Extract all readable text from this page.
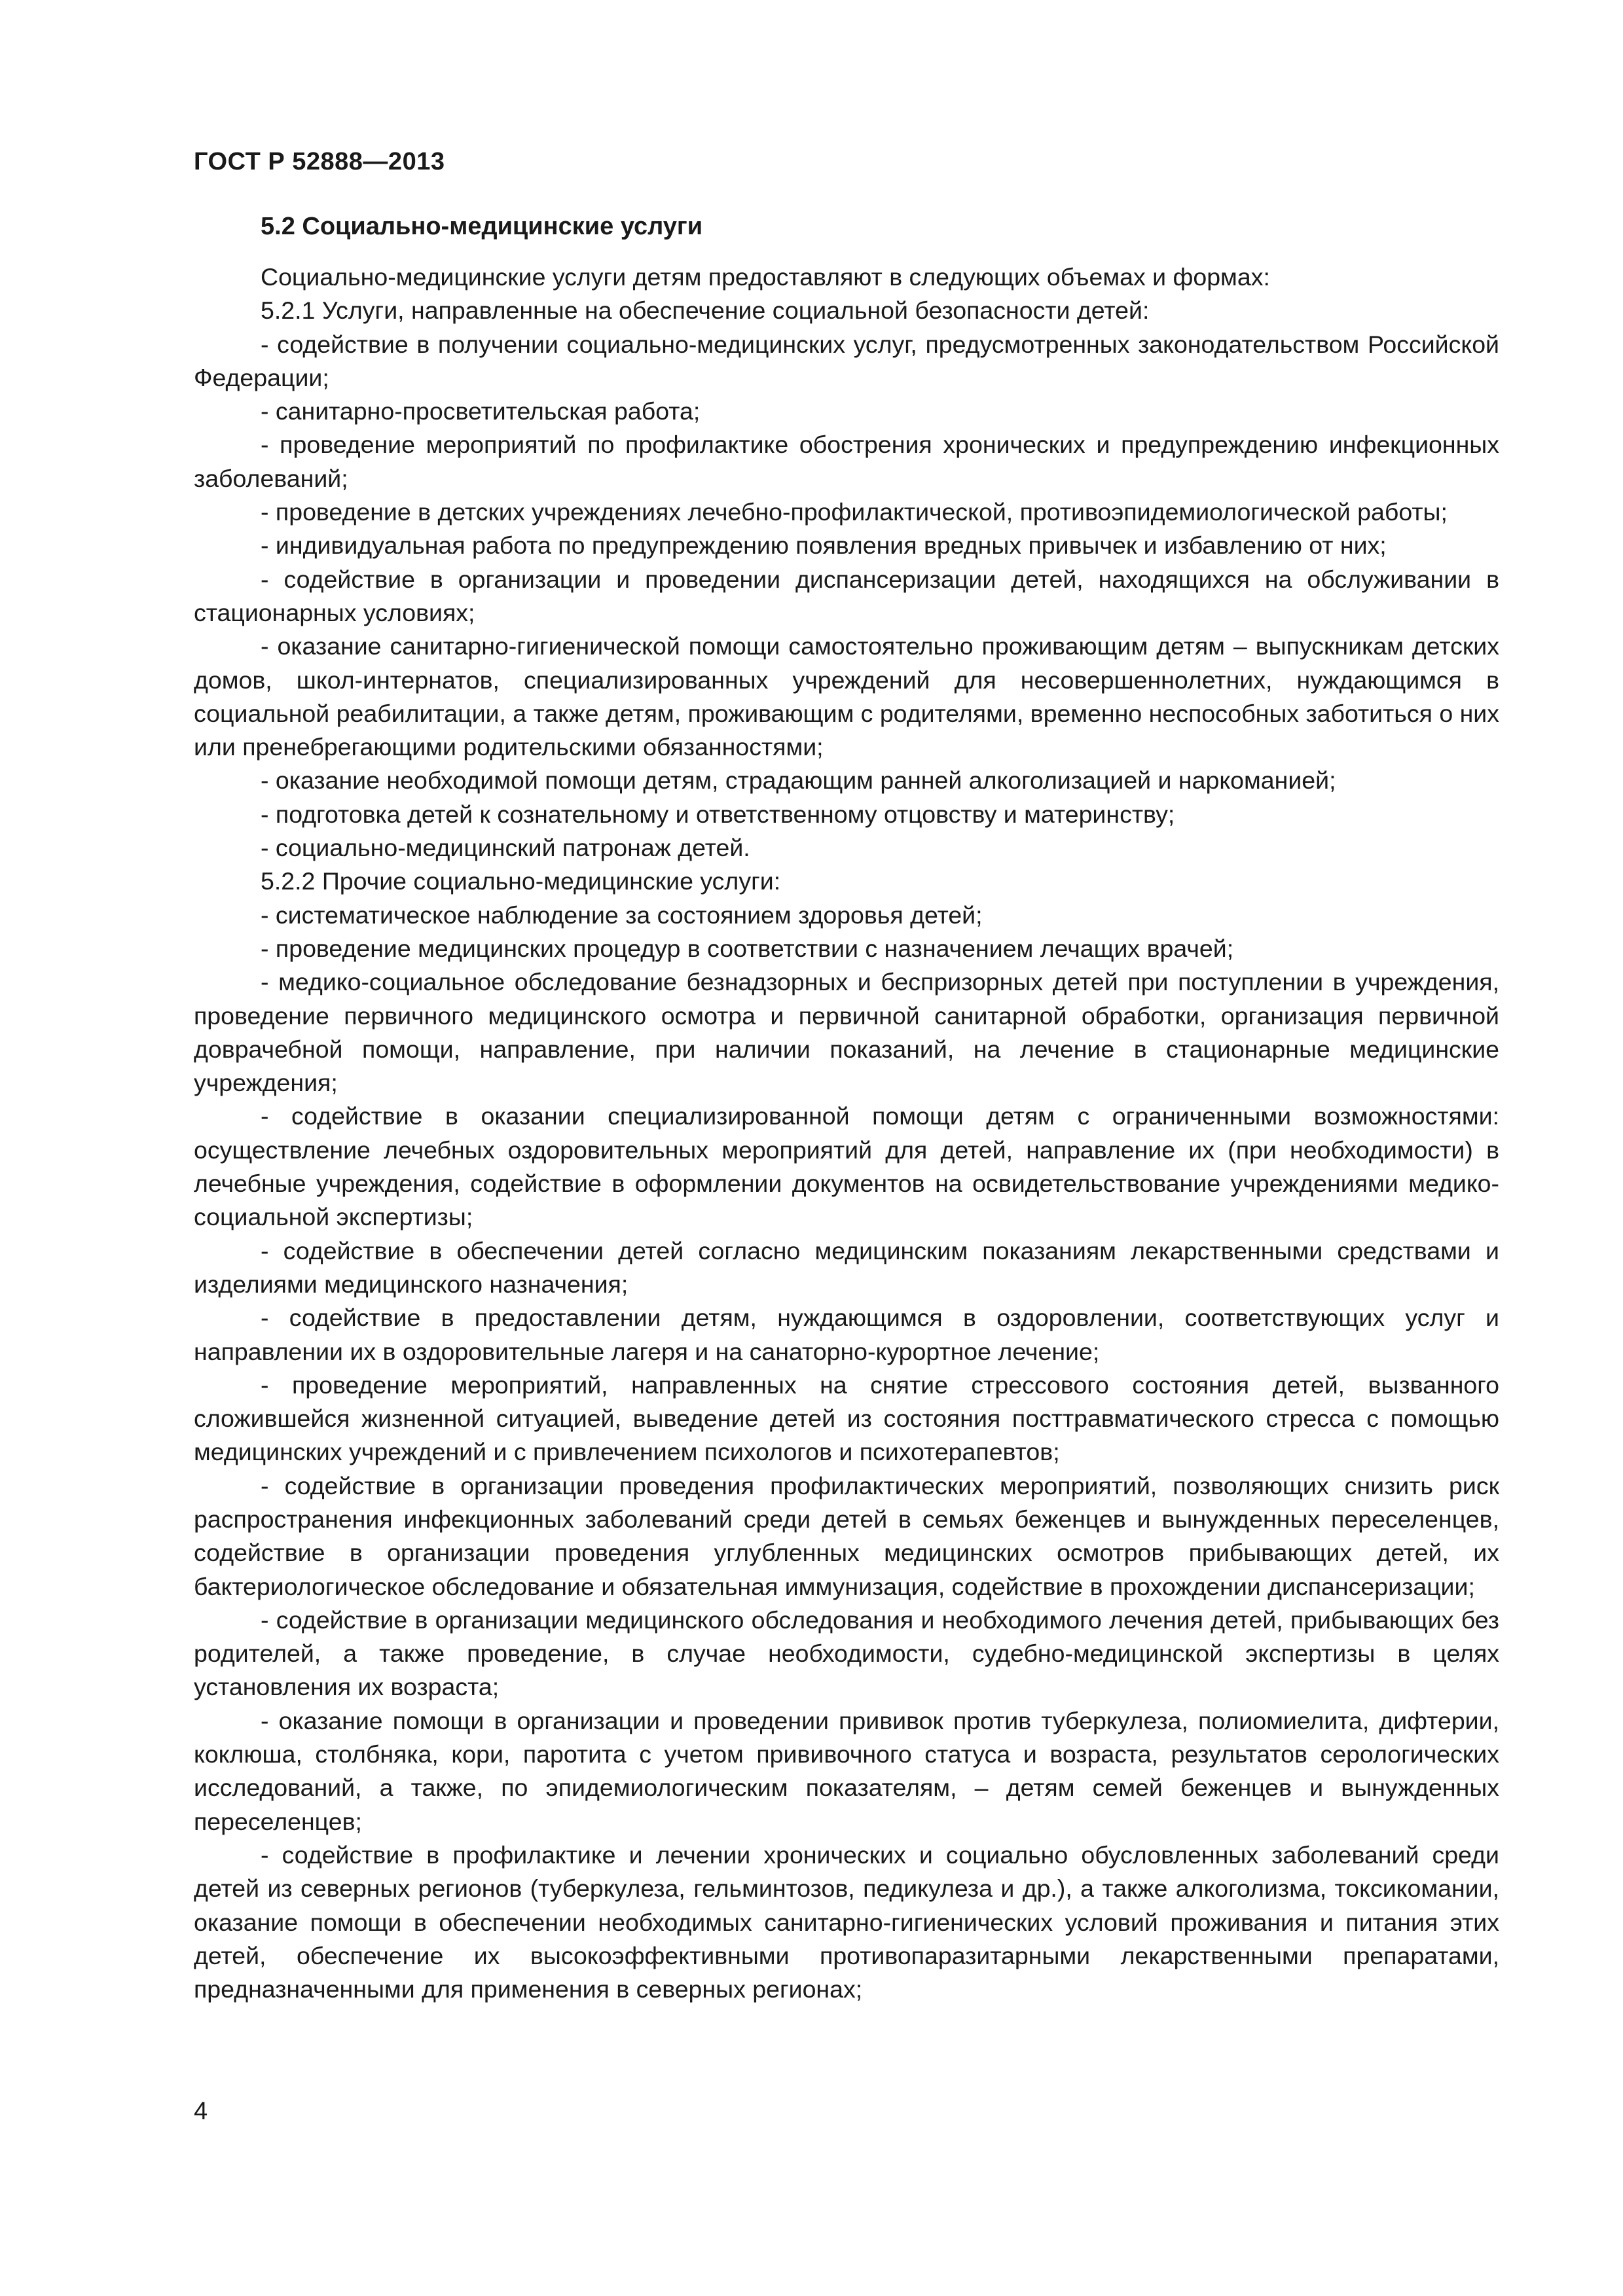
ГОСТ Р 52888—2013
5.2 Социально-медицинские услуги

Социально-медицинские услуги детям предоставляют в следующих объемах и формах:

5.2.1 Услуги, направленные на обеспечение социальной безопасности детей:

- содействие в получении социально-медицинских услуг, предусмотренных законодательством Российской Федерации;

- санитарно-просветительская работа;

- проведение мероприятий по профилактике обострения хронических и предупреждению инфекционных заболеваний;

- проведение в детских учреждениях лечебно-профилактической, противоэпидемиологической работы;

- индивидуальная работа по предупреждению появления вредных привычек и избавлению от них;

- содействие в организации и проведении диспансеризации детей, находящихся на обслуживании в стационарных условиях;

- оказание санитарно-гигиенической помощи самостоятельно проживающим детям – выпускникам детских домов, школ-интернатов, специализированных учреждений для несовершеннолетних, нуждающимся в социальной реабилитации, а также детям, проживающим с родителями, временно неспособных заботиться о них или пренебрегающими родительскими обязанностями;

- оказание необходимой помощи детям, страдающим ранней алкоголизацией и наркоманией;

- подготовка детей к сознательному и ответственному отцовству и материнству;

- социально-медицинский патронаж детей.

5.2.2 Прочие социально-медицинские услуги:

- систематическое наблюдение за состоянием здоровья детей;

- проведение медицинских процедур в соответствии с назначением лечащих врачей;

- медико-социальное обследование безнадзорных и беспризорных детей при поступлении в учреждения, проведение первичного медицинского осмотра и первичной санитарной обработки, организация первичной доврачебной помощи, направление, при наличии показаний, на лечение в стационарные медицинские учреждения;

- содействие в оказании специализированной помощи детям с ограниченными возможностями: осуществление лечебных оздоровительных мероприятий для детей, направление их (при необходимости) в лечебные учреждения, содействие в оформлении документов на освидетельствование учреждениями медико-социальной экспертизы;

- содействие в обеспечении детей согласно медицинским показаниям лекарственными средствами и изделиями медицинского назначения;

- содействие в предоставлении детям, нуждающимся в оздоровлении, соответствующих услуг и направлении их в оздоровительные лагеря и на санаторно-курортное лечение;

- проведение мероприятий, направленных на снятие стрессового состояния детей, вызванного сложившейся жизненной ситуацией, выведение детей из состояния посттравматического стресса с помощью медицинских учреждений и с привлечением психологов и психотерапевтов;

- содействие в организации проведения профилактических мероприятий, позволяющих снизить риск распространения инфекционных заболеваний среди детей в семьях беженцев и вынужденных переселенцев, содействие в организации проведения углубленных медицинских осмотров прибывающих детей, их бактериологическое обследование и обязательная иммунизация, содействие в прохождении диспансеризации;

- содействие в организации медицинского обследования и необходимого лечения детей, прибывающих без родителей, а также проведение, в случае необходимости, судебно-медицинской экспертизы в целях установления их возраста;

- оказание помощи в организации и проведении прививок против туберкулеза, полиомиелита, дифтерии, коклюша, столбняка, кори, паротита с учетом прививочного статуса и возраста, результатов серологических исследований, а также, по эпидемиологическим показателям, – детям семей беженцев и вынужденных переселенцев;

- содействие в профилактике и лечении хронических и социально обусловленных заболеваний среди детей из северных регионов (туберкулеза, гельминтозов, педикулеза и др.), а также алкоголизма, токсикомании, оказание помощи в обеспечении необходимых санитарно-гигиенических условий проживания и питания этих детей, обеспечение их высокоэффективными противопаразитарными лекарственными препаратами, предназначенными для применения в северных регионах;

4
